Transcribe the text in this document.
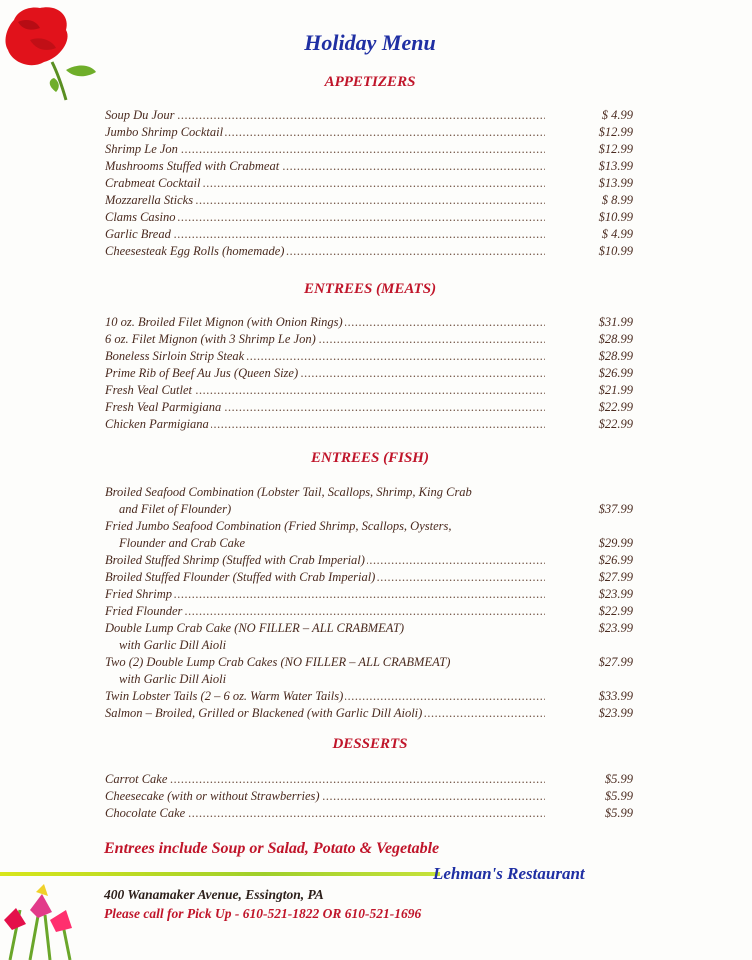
Holiday Menu
APPETIZERS
Soup Du Jour .....	$ 4.99
Jumbo Shrimp Cocktail .....	$12.99
Shrimp Le Jon .....	$12.99
Mushrooms Stuffed with Crabmeat .....	$13.99
Crabmeat Cocktail .....	$13.99
Mozzarella Sticks .....	$ 8.99
Clams Casino .....	$10.99
Garlic Bread .....	$ 4.99
Cheesesteak Egg Rolls (homemade) .....	$10.99
ENTREES (MEATS)
10 oz. Broiled Filet Mignon (with Onion Rings) .....	$31.99
6 oz. Filet Mignon (with 3 Shrimp Le Jon) .....	$28.99
Boneless Sirloin Strip Steak .....	$28.99
Prime Rib of Beef Au Jus (Queen Size) .....	$26.99
Fresh Veal Cutlet .....	$21.99
Fresh Veal Parmigiana .....	$22.99
Chicken Parmigiana .....	$22.99
ENTREES (FISH)
Broiled Seafood Combination (Lobster Tail, Scallops, Shrimp, King Crab
and Filet of Flounder)	$37.99
Fried Jumbo Seafood Combination (Fried Shrimp, Scallops, Oysters,
Flounder and Crab Cake	$29.99
Broiled Stuffed Shrimp (Stuffed with Crab Imperial) .....	$26.99
Broiled Stuffed Flounder (Stuffed with Crab Imperial) .....	$27.99
Fried Shrimp .....	$23.99
Fried Flounder .....	$22.99
Double Lump Crab Cake (NO FILLER – ALL CRABMEAT)
with Garlic Dill Aioli
$23.99
Two (2) Double Lump Crab Cakes (NO FILLER – ALL CRABMEAT)
with Garlic Dill Aioli
$27.99
Twin Lobster Tails (2 – 6 oz. Warm Water Tails) .....	$33.99
Salmon – Broiled, Grilled or Blackened (with Garlic Dill Aioli) .....	$23.99
DESSERTS
Carrot Cake .....	$5.99
Cheesecake (with or without Strawberries) .....	$5.99
Chocolate Cake .....	$5.99
Entrees include Soup or Salad, Potato & Vegetable
Lehman's Restaurant
400 Wanamaker Avenue, Essington, PA
Please call for Pick Up - 610-521-1822 OR 610-521-1696
